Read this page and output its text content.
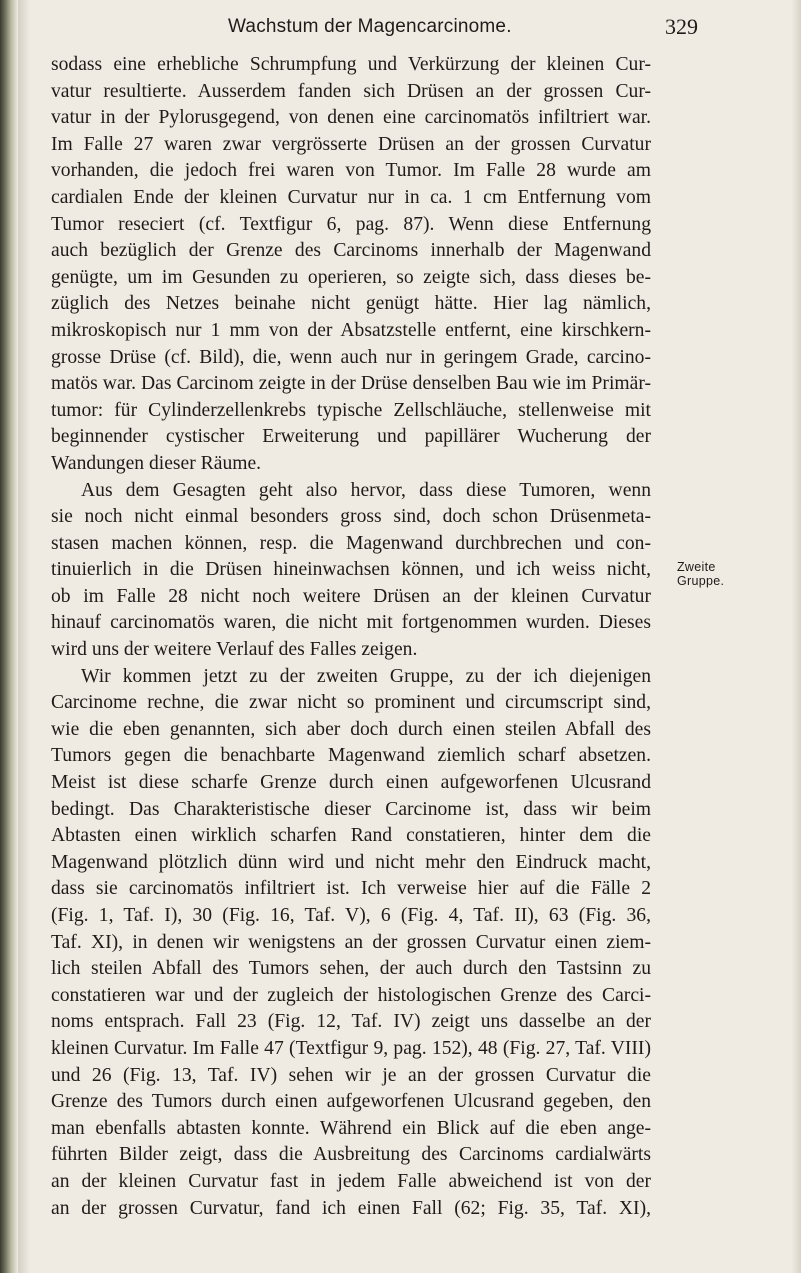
Wachstum der Magencarcinome.	329
sodass eine erhebliche Schrumpfung und Verkürzung der kleinen Cur-
vatur resultierte. Ausserdem fanden sich Drüsen an der grossen Cur-
vatur in der Pylorusgegend, von denen eine carcinomatös infiltriert war.
Im Falle 27 waren zwar vergrösserte Drüsen an der grossen Curvatur
vorhanden, die jedoch frei waren von Tumor. Im Falle 28 wurde am
cardialen Ende der kleinen Curvatur nur in ca. 1 cm Entfernung vom
Tumor reseciert (cf. Textfigur 6, pag. 87). Wenn diese Entfernung
auch bezüglich der Grenze des Carcinoms innerhalb der Magenwand
genügte, um im Gesunden zu operieren, so zeigte sich, dass dieses be-
züglich des Netzes beinahe nicht genügt hätte. Hier lag nämlich,
mikroskopisch nur 1 mm von der Absatzstelle entfernt, eine kirschkern-
grosse Drüse (cf. Bild), die, wenn auch nur in geringem Grade, carcino-
matös war. Das Carcinom zeigte in der Drüse denselben Bau wie im Primär-
tumor: für Cylinderzellenkrebs typische Zellschläuche, stellenweise mit
beginnender cystischer Erweiterung und papillärer Wucherung der
Wandungen dieser Räume.
Aus dem Gesagten geht also hervor, dass diese Tumoren, wenn
sie noch nicht einmal besonders gross sind, doch schon Drüsenmeta-
stasen machen können, resp. die Magenwand durchbrechen und con-
tinuierlich in die Drüsen hineinwachsen können, und ich weiss nicht,
ob im Falle 28 nicht noch weitere Drüsen an der kleinen Curvatur
hinauf carcinomatös waren, die nicht mit fortgenommen wurden. Dieses
wird uns der weitere Verlauf des Falles zeigen.
Wir kommen jetzt zu der zweiten Gruppe, zu der ich diejenigen
Carcinome rechne, die zwar nicht so prominent und circumscript sind,
wie die eben genannten, sich aber doch durch einen steilen Abfall des
Tumors gegen die benachbarte Magenwand ziemlich scharf absetzen.
Meist ist diese scharfe Grenze durch einen aufgeworfenen Ulcusrand
bedingt. Das Charakteristische dieser Carcinome ist, dass wir beim
Abtasten einen wirklich scharfen Rand constatieren, hinter dem die
Magenwand plötzlich dünn wird und nicht mehr den Eindruck macht,
dass sie carcinomatös infiltriert ist. Ich verweise hier auf die Fälle 2
(Fig. 1, Taf. I), 30 (Fig. 16, Taf. V), 6 (Fig. 4, Taf. II), 63 (Fig. 36,
Taf. XI), in denen wir wenigstens an der grossen Curvatur einen ziem-
lich steilen Abfall des Tumors sehen, der auch durch den Tastsinn zu
constatieren war und der zugleich der histologischen Grenze des Carci-
noms entsprach. Fall 23 (Fig. 12, Taf. IV) zeigt uns dasselbe an der
kleinen Curvatur. Im Falle 47 (Textfigur 9, pag. 152), 48 (Fig. 27, Taf. VIII)
und 26 (Fig. 13, Taf. IV) sehen wir je an der grossen Curvatur die
Grenze des Tumors durch einen aufgeworfenen Ulcusrand gegeben, den
man ebenfalls abtasten konnte. Während ein Blick auf die eben ange-
führten Bilder zeigt, dass die Ausbreitung des Carcinoms cardialwärts
an der kleinen Curvatur fast in jedem Falle abweichend ist von der
an der grossen Curvatur, fand ich einen Fall (62; Fig. 35, Taf. XI),
Zweite
Gruppe.
